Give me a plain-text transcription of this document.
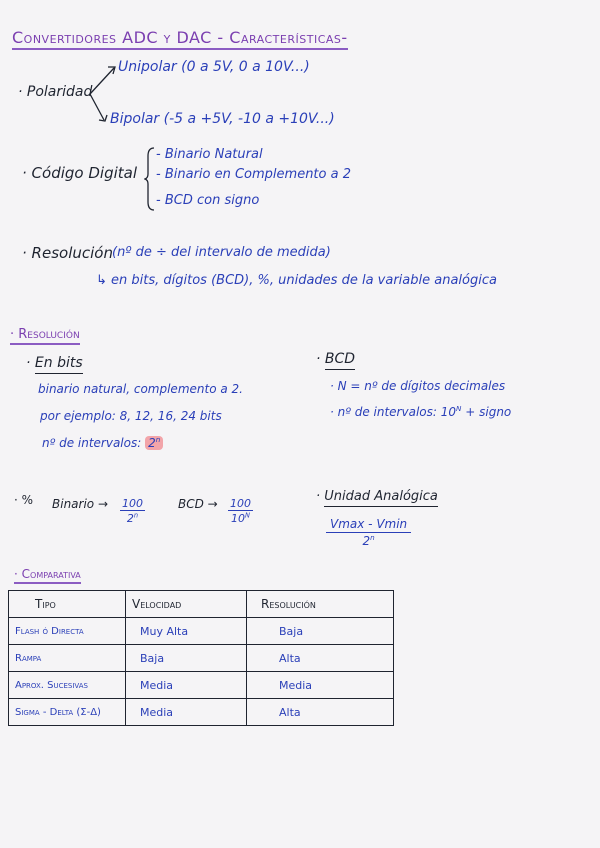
Convertidores ADC y DAC - Características-
· Polaridad
Unipolar (0 a 5V, 0 a 10V...)
Bipolar (-5 a +5V, -10 a +10V...)
· Código Digital
- Binario Natural
- Binario en Complemento a 2
- BCD con signo
· Resolución (nº de ÷ del intervalo de medida)
↳ en bits, dígitos (BCD), %, unidades de la variable analógica
· Resolución
· En bits
binario natural, complemento a 2.
por ejemplo: 8, 12, 16, 24 bits
nº de intervalos: $2^n$
· BCD
· N = nº de dígitos decimales
· nº de intervalos: $10^N$ + signo
· % Binario → $\frac{100}{2^n}$	BCD → $\frac{100}{10^N}$
· Unidad Analógica
Vmax - Vmin
$2^n$
· Comparativa
Tipo	Velocidad	Resolución
Flash ó Directa	Muy Alta	Baja
Rampa	Baja	Alta
Aprox. Sucesivas	Media	Media
Sigma - Delta (Σ-Δ)	Media	Alta
